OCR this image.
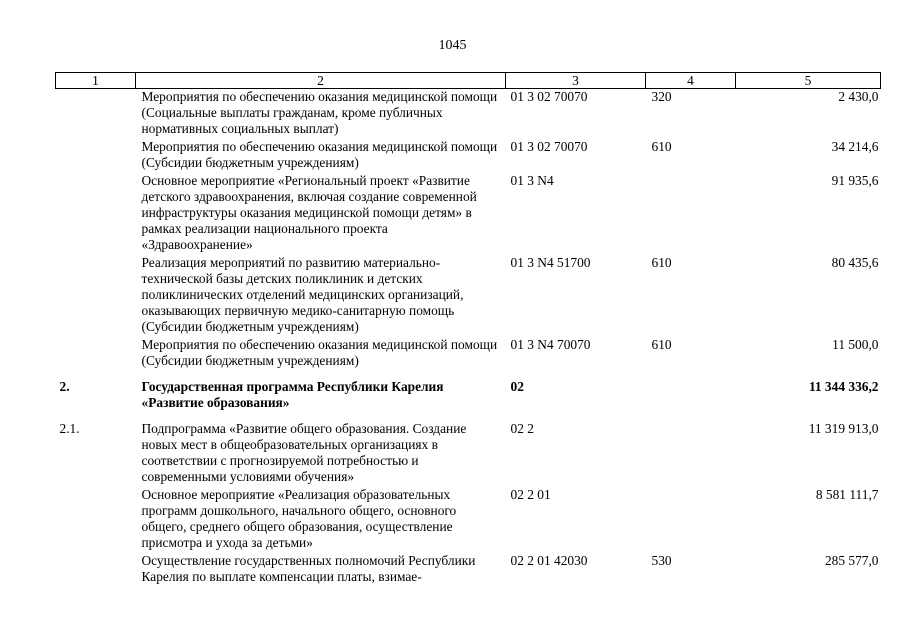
1045
1	2	3	4	5
	Мероприятия по обеспечению оказания медицинской помощи (Социальные выплаты гражданам, кроме публичных нормативных социальных выплат)	01 3 02 70070	320	2 430,0
	Мероприятия по обеспечению оказания медицинской помощи (Субсидии бюджетным учреждениям)	01 3 02 70070	610	34 214,6
	Основное мероприятие «Региональный проект «Развитие детского здравоохранения, включая создание современной инфраструктуры оказания медицинской помощи детям» в рамках реализации национального проекта «Здравоохранение»	01 3 N4		91 935,6
	Реализация мероприятий по развитию материально-технической базы детских поликлиник и детских поликлинических отделений медицинских организаций, оказывающих первичную медико-санитарную помощь (Субсидии бюджетным учреждениям)	01 3 N4 51700	610	80 435,6
	Мероприятия по обеспечению оказания медицинской помощи (Субсидии бюджетным учреждениям)	01 3 N4 70070	610	11 500,0
2.	Государственная программа Республики Карелия «Развитие образования»	02		11 344 336,2
2.1.	Подпрограмма «Развитие общего образования. Создание новых мест в общеобразовательных организациях в соответствии с прогнозируемой потребностью и современными условиями обучения»	02 2		11 319 913,0
	Основное мероприятие «Реализация образовательных программ дошкольного, начального общего, основного общего, среднего общего образования, осуществление присмотра и ухода за детьми»	02 2 01		8 581 111,7
	Осуществление государственных полномочий Республики Карелия по выплате компенсации платы, взимае-	02 2 01 42030	530	285 577,0
